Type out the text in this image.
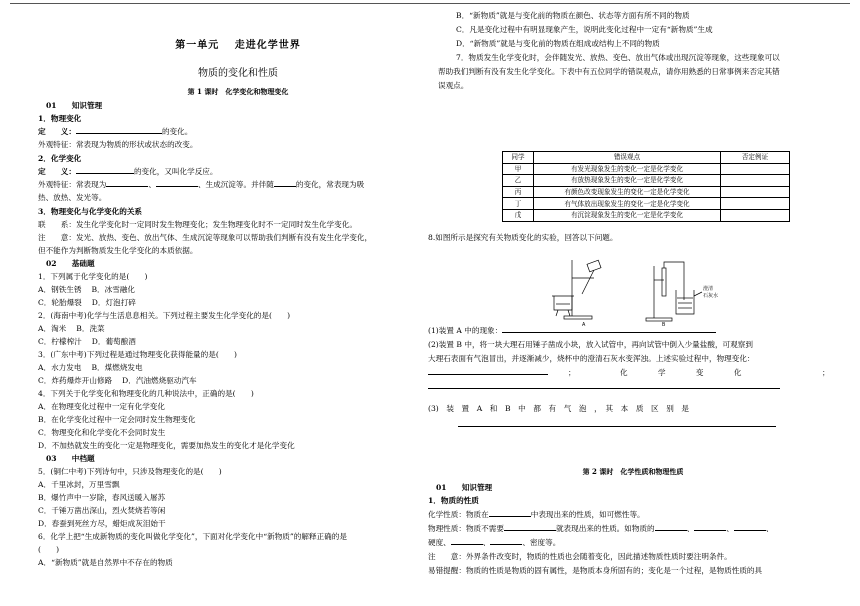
第一单元　 走进化学世界
物质的变化和性质
第 1 课时　化学变化和物理变化
01　　知识管理
1．物理变化
定　　义：	的变化。
外观特征：常表现为物质的形状或状态的改变。
2．化学变化
定　　义：	的变化，又叫化学反应。
外观特征：常表现为	、	、生成沉淀等。并伴随	的变化，常表现为吸
热、放热、发光等。
3．物理变化与化学变化的关系
联　　系：发生化学变化时一定同时发生物理变化；发生物理变化时不一定同时发生化学变化。
注　　意：发光、放热、变色、放出气体、生成沉淀等现象可以帮助我们判断有没有发生化学变化，
但不能作为判断物质发生化学变化的本质依据。
02　　基础题
1．下列属于化学变化的是(　　)
A．钢铁生锈　 B．冰雪融化
C．轮胎爆裂　 D．灯泡打碎
2．(海南中考)化学与生活息息相关。下列过程主要发生化学变化的是(　　)
A．淘米　 B．洗菜
C．柠檬榨汁　 D．葡萄酿酒
3．(广东中考)下列过程是通过物理变化获得能量的是(　　)
A．水力发电　 B．煤燃烧发电
C．炸药爆炸开山修路　 D．汽油燃烧驱动汽车
4．下列关于化学变化和物理变化的几种说法中，正确的是(　　)
A．在物理变化过程中一定有化学变化
B．在化学变化过程中一定会同时发生物理变化
C．物理变化和化学变化不会同时发生
D．不加热就发生的变化一定是物理变化，需要加热发生的变化才是化学变化
03　　中档题
5．(铜仁中考)下列诗句中，只涉及物理变化的是(　　)
A．千里冰封，万里雪飘
B．爆竹声中一岁除，春风送暖入屠苏
C．千锤万凿出深山，烈火焚烧若等闲
D．春蚕到死丝方尽，蜡炬成灰泪始干
6．化学上把“生成新物质的变化叫做化学变化”，下面对化学变化中“新物质”的解释正确的是
(　　)
A．“新物质”就是自然界中不存在的物质
B．“新物质”就是与变化前的物质在颜色、状态等方面有所不同的物质
C．凡是变化过程中有明显现象产生，说明此变化过程中一定有“新物质”生成
D．“新物质”就是与变化前的物质在组成或结构上不同的物质
7．物质发生化学变化时，会伴随发光、放热、变色、放出气体或出现沉淀等现象，这些现象可以
帮助我们判断有没有发生化学变化。下表中有五位同学的错误观点，请你用熟悉的日常事例来否定其错
误观点。
同学	错误观点	否定例证
甲	有发光现象发生的变化一定是化学变化	
乙	有放热现象发生的变化一定是化学变化	
丙	有颜色改变现象发生的变化一定是化学变化	
丁	有气体放出现象发生的变化一定是化学变化	
戊	有沉淀现象发生的变化一定是化学变化	
8.如图所示是探究有关物质变化的实验，回答以下问题。
A	B
澄清
石灰水
(1)装置 A 中的现象：
(2)装置 B 中，将一块大理石用锤子凿成小块，放入试管中，再向试管中倒入少量盐酸，可观察到
大理石表面有气泡冒出，并逐渐减少，烧杯中的澄清石灰水变浑浊。上述实验过程中，物理变化：
；	化　　　　学　　　　变　　　　化	；
(3)　装　置　A　和　B　中　都　有　气　泡　，　其　本　质　区　别　是
第 2 课时　化学性质和物理性质
01　　知识管理
1．物质的性质
化学性质：物质在	中表现出来的性质，如可燃性等。
物理性质：物质不需要	就表现出来的性质。如物质的	、	、	、
硬度、	、	、密度等。
注　　意：外界条件改变时，物质的性质也会随着变化，因此描述物质性质时要注明条件。
易错提醒：物质的性质是物质的固有属性，是物质本身所固有的；变化是一个过程，是物质性质的具
